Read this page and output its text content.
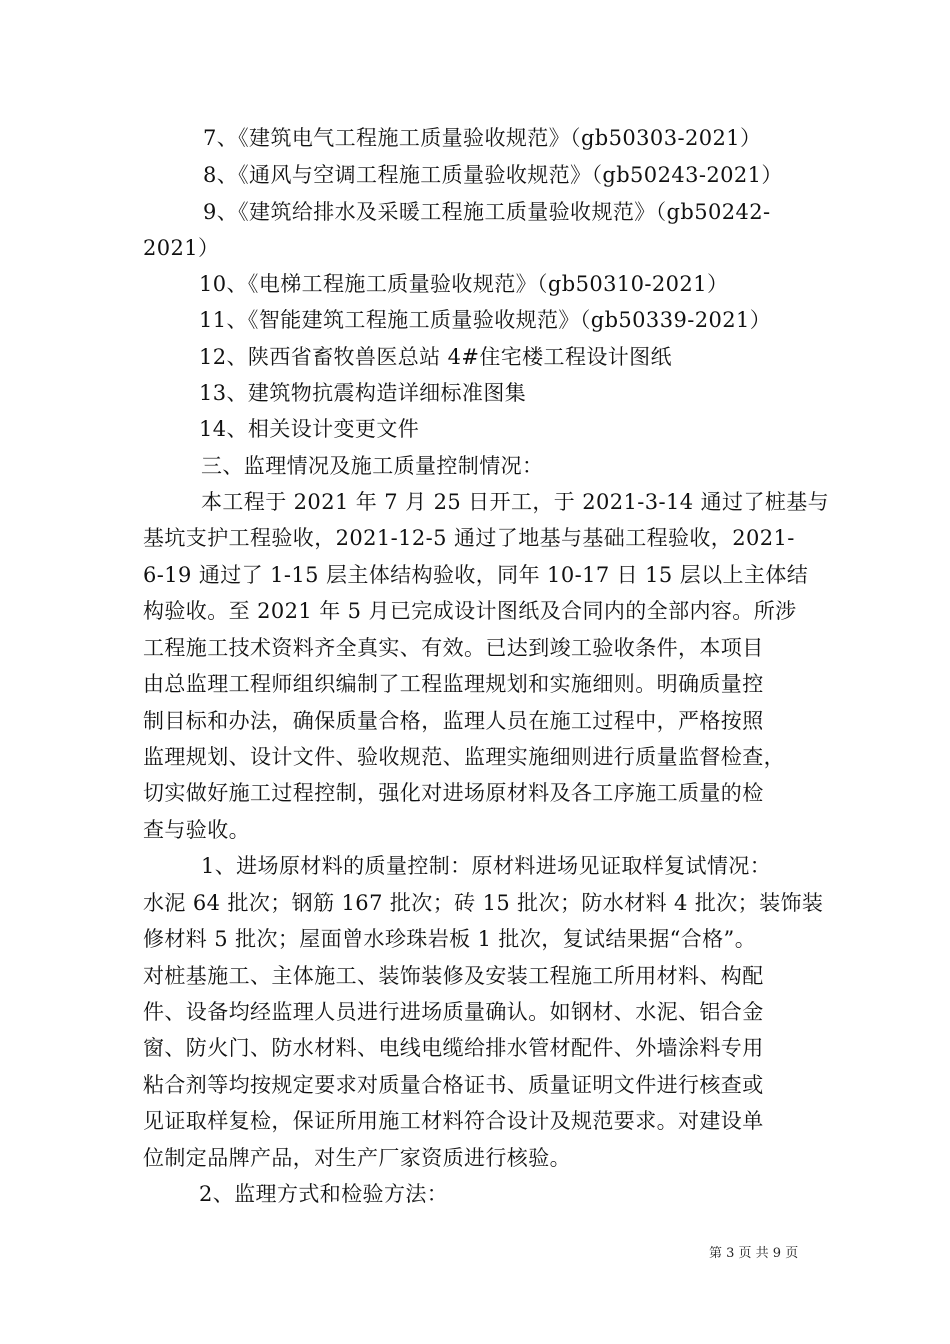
7、《建筑电气工程施工质量验收规范》（gb50303-2021）
8、《通风与空调工程施工质量验收规范》（gb50243-2021）
9、《建筑给排水及采暖工程施工质量验收规范》（gb50242-
2021）
10、《电梯工程施工质量验收规范》（gb50310-2021）
11、《智能建筑工程施工质量验收规范》（gb50339-2021）
12、陕西省畜牧兽医总站 4#住宅楼工程设计图纸
13、建筑物抗震构造详细标准图集
14、相关设计变更文件
三、监理情况及施工质量控制情况：
本工程于 2021 年 7 月 25 日开工，于 2021-3-14 通过了桩基与
基坑支护工程验收，2021-12-5 通过了地基与基础工程验收，2021-
6-19 通过了 1-15 层主体结构验收，同年 10-17 日 15 层以上主体结
构验收。至 2021 年 5 月已完成设计图纸及合同内的全部内容。所涉
工程施工技术资料齐全真实、有效。已达到竣工验收条件，本项目
由总监理工程师组织编制了工程监理规划和实施细则。明确质量控
制目标和办法，确保质量合格，监理人员在施工过程中，严格按照
监理规划、设计文件、验收规范、监理实施细则进行质量监督检查，
切实做好施工过程控制，强化对进场原材料及各工序施工质量的检
查与验收。
1、进场原材料的质量控制：原材料进场见证取样复试情况：
水泥 64 批次；钢筋 167 批次；砖 15 批次；防水材料 4 批次；装饰装
修材料 5 批次；屋面曾水珍珠岩板 1 批次，复试结果据“合格”。
对桩基施工、主体施工、装饰装修及安装工程施工所用材料、构配
件、设备均经监理人员进行进场质量确认。如钢材、水泥、铝合金
窗、防火门、防水材料、电线电缆给排水管材配件、外墙涂料专用
粘合剂等均按规定要求对质量合格证书、质量证明文件进行核查或
见证取样复检，保证所用施工材料符合设计及规范要求。对建设单
位制定品牌产品，对生产厂家资质进行核验。
2、监理方式和检验方法：
第 3 页 共 9 页
